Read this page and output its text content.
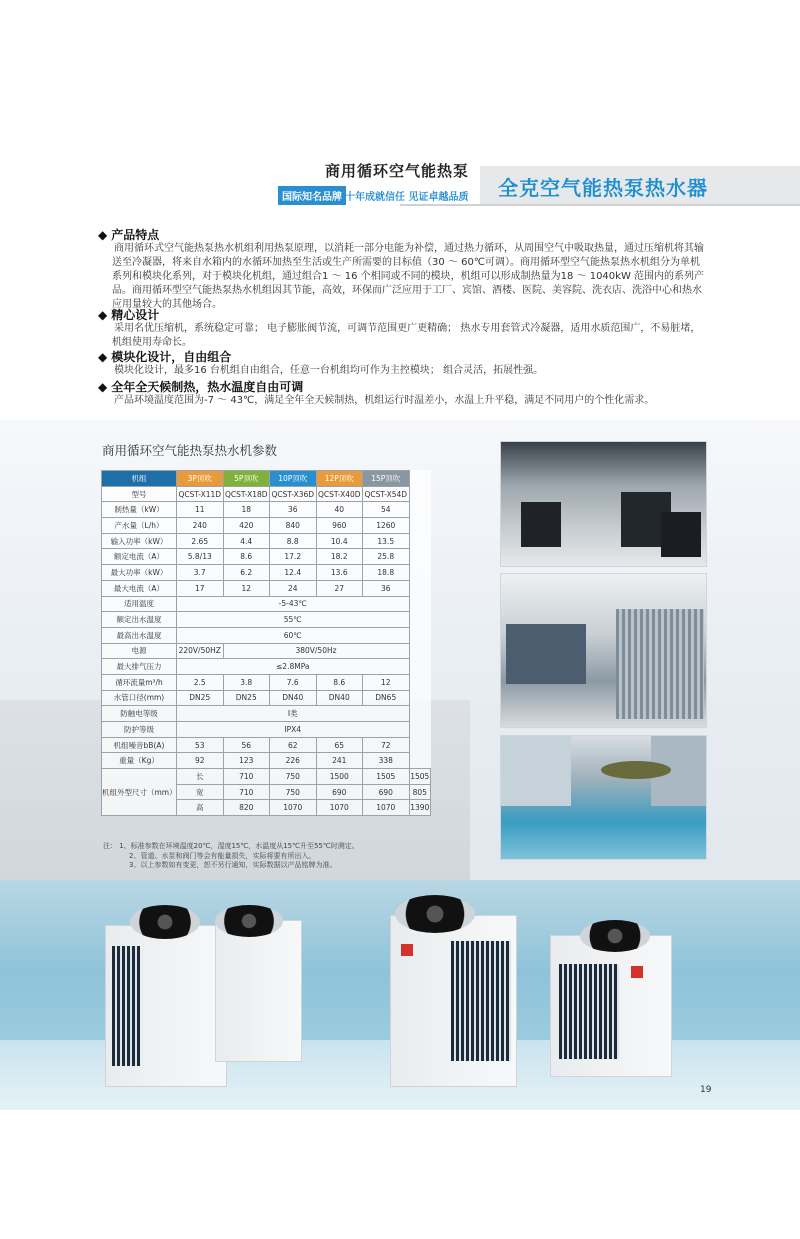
商用循环空气能热泵
国际知名品牌 十年成就信任 见证卓越品质 全克空气能热泵热水器
◆ 产品特点

商用循环式空气能热泵热水机组利用热泵原理，以消耗一部分电能为补偿，通过热力循环，从周围空气中吸取热量，通过压缩机将其输送至冷凝器，将来自水箱内的水循环加热至生活或生产所需要的目标值（30 ～ 60℃可调）。商用循环型空气能热泵热水机组分为单机系列和模块化系列，对于模块化机组，通过组合1 ～ 16 个相同或不同的模块，机组可以形成制热量为18 ～ 1040kW 范围内的系列产品。商用循环型空气能热泵热水机组因其节能，高效，环保而广泛应用于工厂、宾馆、酒楼、医院、美容院、洗衣店、洗浴中心和热水应用量较大的其他场合。

◆ 精心设计

采用名优压缩机，系统稳定可靠； 电子膨胀阀节流，可调节范围更广更精确； 热水专用套管式冷凝器，适用水质范围广，不易脏堵，机组使用寿命长。

◆ 模块化设计，自由组合

模块化设计，最多16 台机组自由组合，任意一台机组均可作为主控模块； 组合灵活，拓展性强。

◆ 全年全天候制热，热水温度自由可调

产品环境温度范围为-7 ～ 43℃，满足全年全天候制热，机组运行时温差小，水温上升平稳，满足不同用户的个性化需求。

商用循环空气能热泵热水机参数
机组	3P顶吹	5P顶吹	10P顶吹	12P顶吹	15P顶吹	
型号	QCST-X11D	QCST-X18D	QCST-X36D	QCST-X40D	QCST-X54D	
制热量（kW）	11	18	36	40	54	
产水量（L/h）	240	420	840	960	1260	
输入功率（kW）	2.65	4.4	8.8	10.4	13.5	
额定电流（A）	5.8/13	8.6	17.2	18.2	25.8	
最大功率（kW）	3.7	6.2	12.4	13.6	18.8	
最大电流（A）	17	12	24	27	36	
适用温度	-5-43℃					
额定出水温度	55℃					
最高出水温度	60℃					
电源	220V/50HZ	380V/50Hz				
最大排气压力	≤2.8MPa					
循环流量m³/h	2.5	3.8	7.6	8.6	12	
水管口径(mm)	DN25	DN25	DN40	DN40	DN65	
防触电等级	I类					
防护等级	IPX4					
机组噪音bB(A)	53	56	62	65	72	
重量（Kg）	92	123	226	241	338	
机组外型尺寸（mm）	长	710	750	1500	1505	1505
	宽	710	750	690	690	805
	高	820	1070	1070	1070	1390
注： 1、标准参数在环境温度20℃，湿度15℃，水温度从15℃升至55℃时测定。
2、管道、水泵和阀门等会有能量损失，实际将要有所出入。
3、以上参数如有变更，恕不另行通知，实际数据以产品铭牌为准。
19
